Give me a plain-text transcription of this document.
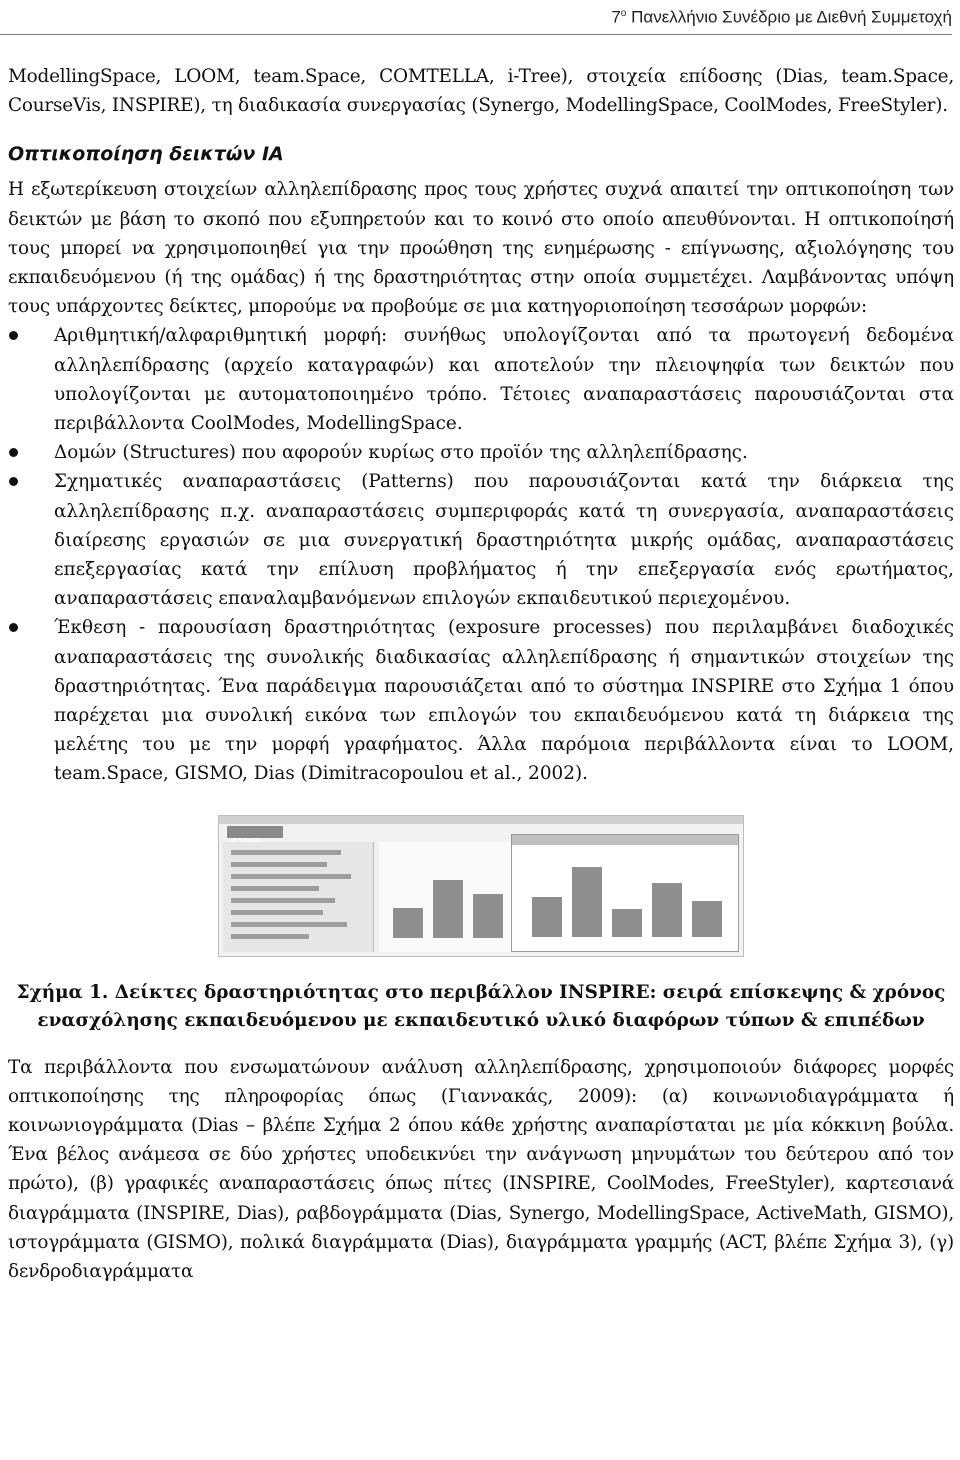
$7^o$ Πανελλήνιο Συνέδριο με Διεθνή Συμμετοχή

ModellingSpace, LOOM, team.Space, COMTELLA, i-Tree), στοιχεία επίδοσης (Dias, team.Space, CourseVis, INSPIRE), τη διαδικασία συνεργασίας (Synergo, ModellingSpace, CoolModes, FreeStyler).

Οπτικοποίηση δεικτών ΙΑ

Η εξωτερίκευση στοιχείων αλληλεπίδρασης προς τους χρήστες συχνά απαιτεί την οπτικοποίηση των δεικτών με βάση το σκοπό που εξυπηρετούν και το κοινό στο οποίο απευθύνονται. Η οπτικοποίησή τους μπορεί να χρησιμοποιηθεί για την προώθηση της ενημέρωσης - επίγνωσης, αξιολόγησης του εκπαιδευόμενου (ή της ομάδας) ή της δραστηριότητας στην οποία συμμετέχει. Λαμβάνοντας υπόψη τους υπάρχοντες δείκτες, μπορούμε να προβούμε σε μια κατηγοριοποίηση τεσσάρων μορφών:

Αριθμητική/αλφαριθμητική μορφή: συνήθως υπολογίζονται από τα πρωτογενή δεδομένα αλληλεπίδρασης (αρχείο καταγραφών) και αποτελούν την πλειοψηφία των δεικτών που υπολογίζονται με αυτοματοποιημένο τρόπο. Τέτοιες αναπαραστάσεις παρουσιάζονται στα περιβάλλοντα CoolModes, ModellingSpace.
Δομών (Structures) που αφορούν κυρίως στο προϊόν της αλληλεπίδρασης.
Σχηματικές αναπαραστάσεις (Patterns) που παρουσιάζονται κατά την διάρκεια της αλληλεπίδρασης π.χ. αναπαραστάσεις συμπεριφοράς κατά τη συνεργασία, αναπαραστάσεις διαίρεσης εργασιών σε μια συνεργατική δραστηριότητα μικρής ομάδας, αναπαραστάσεις επεξεργασίας κατά την επίλυση προβλήματος ή την επεξεργασία ενός ερωτήματος, αναπαραστάσεις επαναλαμβανόμενων επιλογών εκπαιδευτικού περιεχομένου.
Έκθεση - παρουσίαση δραστηριότητας (exposure processes) που περιλαμβάνει διαδοχικές αναπαραστάσεις της συνολικής διαδικασίας αλληλεπίδρασης ή σημαντικών στοιχείων της δραστηριότητας. Ένα παράδειγμα παρουσιάζεται από το σύστημα INSPIRE στο Σχήμα 1 όπου παρέχεται μια συνολική εικόνα των επιλογών του εκπαιδευόμενου κατά τη διάρκεια της μελέτης του με την μορφή γραφήματος. Άλλα παρόμοια περιβάλλοντα είναι το LOOM, team.Space, GISMO, Dias (Dimitracopoulou et al., 2002).

Σχήμα 1. Δείκτες δραστηριότητας στο περιβάλλον INSPIRE: σειρά επίσκεψης & χρόνος ενασχόλησης εκπαιδευόμενου με εκπαιδευτικό υλικό διαφόρων τύπων & επιπέδων

Τα περιβάλλοντα που ενσωματώνουν ανάλυση αλληλεπίδρασης, χρησιμοποιούν διάφορες μορφές οπτικοποίησης της πληροφορίας όπως (Γιαννακάς, 2009): (α) κοινωνιοδιαγράμματα ή κοινωνιογράμματα (Dias – βλέπε Σχήμα 2 όπου κάθε χρήστης αναπαρίσταται με μία κόκκινη βούλα. Ένα βέλος ανάμεσα σε δύο χρήστες υποδεικνύει την ανάγνωση μηνυμάτων του δεύτερου από τον πρώτο), (β) γραφικές αναπαραστάσεις όπως πίτες (INSPIRE, CoolModes, FreeStyler), καρτεσιανά διαγράμματα (INSPIRE, Dias), ραβδογράμματα (Dias, Synergo, ModellingSpace, ActiveMath, GISMO), ιστογράμματα (GISMO), πολικά διαγράμματα (Dias), διαγράμματα γραμμής (ACT, βλέπε Σχήμα 3), (γ) δενδροδιαγράμματα
